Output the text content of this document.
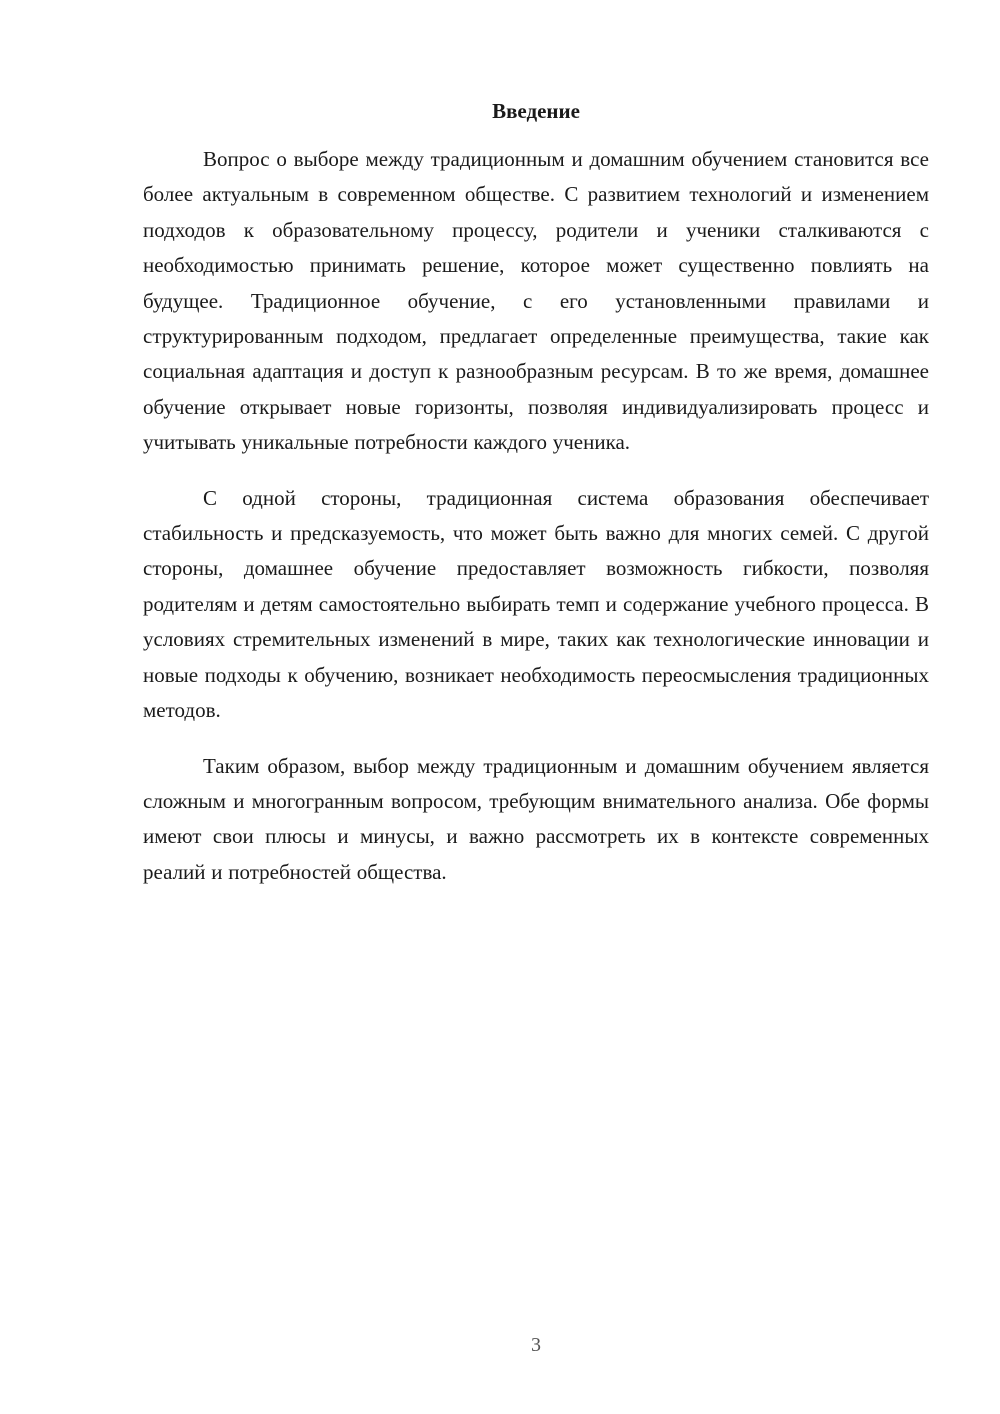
Введение

Вопрос о выборе между традиционным и домашним обучением становится все более актуальным в современном обществе. С развитием технологий и изменением подходов к образовательному процессу, родители и ученики сталкиваются с необходимостью принимать решение, которое может существенно повлиять на будущее. Традиционное обучение, с его установленными правилами и структурированным подходом, предлагает определенные преимущества, такие как социальная адаптация и доступ к разнообразным ресурсам. В то же время, домашнее обучение открывает новые горизонты, позволяя индивидуализировать процесс и учитывать уникальные потребности каждого ученика.

С одной стороны, традиционная система образования обеспечивает стабильность и предсказуемость, что может быть важно для многих семей. С другой стороны, домашнее обучение предоставляет возможность гибкости, позволяя родителям и детям самостоятельно выбирать темп и содержание учебного процесса. В условиях стремительных изменений в мире, таких как технологические инновации и новые подходы к обучению, возникает необходимость переосмысления традиционных методов.

Таким образом, выбор между традиционным и домашним обучением является сложным и многогранным вопросом, требующим внимательного анализа. Обе формы имеют свои плюсы и минусы, и важно рассмотреть их в контексте современных реалий и потребностей общества.

3
